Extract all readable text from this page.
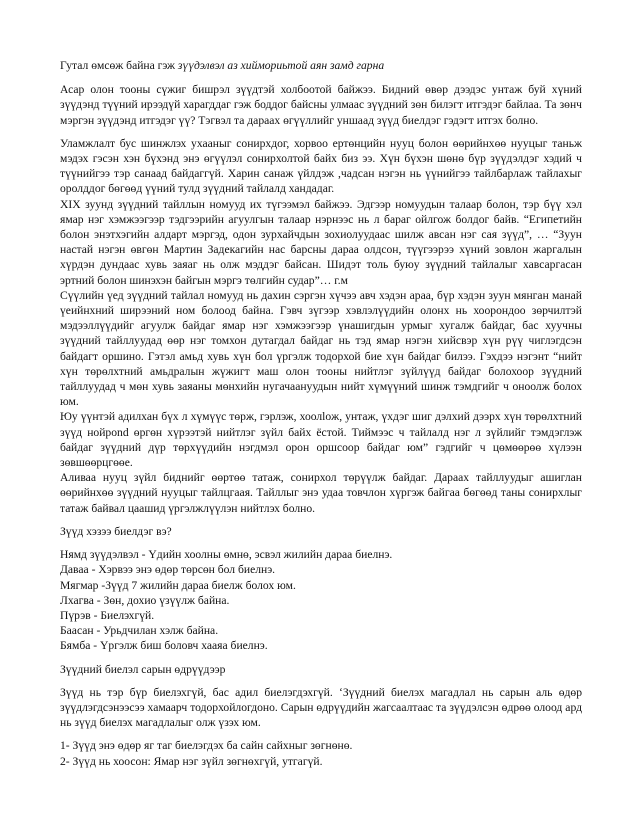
Гутал өмсөж байна гэж зүүдэлвэл аз хиймориьтой аян замд гарна

Асар олон тооны сүжиг бишрэл зүүдтэй холбоотой байжээ. Бидний өвөр дээдэс унтаж буй хүний зүүдэнд түүний ирээдүй харагддаг гэж боддог байсны улмаас зүүдний зөн билэгт итгэдэг байлаа. Та зөнч мэргэн зүүдэнд итгэдэг үү? Тэгвэл та дараах өгүүллийг уншаад зүүд биелдэг гэдэгт итгэх болно.

Уламжлалт бус шинжлэх ухааныг сонирхдог, хорвоо ертөнцийн нууц болон өөрийнхөө нууцыг таньж мэдэх гэсэн хэн бүхэнд энэ өгүүлэл сонирхолтой байх биз ээ. Хүн бүхэн шөнө бүр зүүдэлдэг хэдий ч түүнийгээ тэр санаад байдаггүй. Харин санаж үйлдэж ,чадсан нэгэн нь үүнийгээ тайлбарлаж тайлахыг оролддог бөгөөд үүний тулд зүүдний тайлалд хандадаг.

XIX зуунд зүүдний тайллын номууд их түгээмэл байжээ. Эдгээр номуудын талаар болон, тэр бүү хэл ямар нэг хэмжээгээр тэдгээрийн агуулгын талаар нэрнээс нь л бараг ойлгож болдог байв. “Египетийн болон энэтхэгийн алдарт мэргэд, одон зурхайчдын зохиолуудаас шилж авсан нэг сая зүүд”, … “Зуун настай нэгэн өвгөн Мартин Задекагийн нас барсны дараа олдсон, түүгээрээ хүний зовлон жаргалын хүрдэн дундаас хувь заяаг нь олж мэддэг байсан. Шидэт толь буюу зүүдний тайлалыг хавсаргасан эртний болон шинэхэн байгын мэргэ төлгийн судар”… г.м

Сүүлийн үед зүүдний тайлал номууд нь дахин сэргэн хүчээ авч хэдэн араа, бүр хэдэн зуун мянган манай үеийнхний ширээний ном болоод байна. Гэвч зүгээр хэвлэлүүдийн олонх нь хоорондоо зөрчилтэй мэдээллүүдийг агуулж байдаг ямар нэг хэмжээгээр үнашигдын урмыг хугалж байдаг, бас хуучны зүүдний тайллуудад өөр нэг томхон дутагдал байдаг нь тэд ямар нэгэн хийсвэр хүн рүү чиглэгдсэн байдагт оршино. Гэтэл амьд хувь хүн бол үргэлж тодорхой бие хүн байдаг билээ. Гэхдээ нэгэнт “нийт хүн төрөлхтний амьдралын жүжигт маш олон тооны нийтлэг зүйлүүд байдаг болохоор зүүдний тайллуудад ч мөн хувь заяаны мөнхийн нугачаануудын нийт хүмүүний шинж тэмдгийг ч оноолж болох юм.

Юу үүнтэй адилхан бүх л хүмүүс төрж, гэрлэж, хоолloж, унтаж, үхдэг шиг дэлхий дээрх хүн төрөлхтний зүүд нойрond өргөн хүрээтэй нийтлэг зүйл байх ёстой. Тиймээс ч тайлалд нэг л зүйлийг тэмдэглэж байдаг зүүдний дүр төрхүүдийн нэгдмэл орон оршсоор байдаг юм” гэдгийг ч цөмөөрөө хүлээн зөвшөөрцгөөе.

Аливаа нууц зүйл биднийг өөртөө татаж, сонирхол төрүүлж байдаг. Дараах тайллуудыг ашиглан өөрийнхөө зүүдний нууцыг тайлцгаая. Тайллыг энэ удаа товчлон хүргэж байгаа бөгөөд таны сонирхлыг татаж байвал цаашид үргэлжлүүлэн нийтлэх болно.

Зүүд хэзээ биелдэг вэ?

Нямд зүүдэлвэл - Үдийн хоолны өмнө, эсвэл жилийн дараа биелнэ.
Даваа - Хэрвээ энэ өдөр төрсөн бол биелнэ.
Мягмар -Зүүд 7 жилийн дараа биелж болох юм.
Лхагва - Зөн, дохио үзүүлж байна.
Пүрэв - Биелэхгүй.
Баасан - Урьдчилан хэлж байна.
Бямба - Үргэлж биш боловч хааяа биелнэ.

Зүүдний биелэл сарын өдрүүдээр

Зүүд нь тэр бүр биелэхгүй, бас адил биелэгдэхгүй. ‘Зүүдний биелэх магадлал нь сарын аль өдөр зүүдлэгдсэнээсээ хамаарч тодорхойлогдоно. Сарын өдрүүдийн жагсаалтаас та зүүдэлсэн өдрөө олоод ард нь зүүд биелэх магадлалыг олж үзэх юм.

1- Зүүд энэ өдөр яг таг биелэгдэх ба сайн сайхныг зөгнөнө.
2- Зүүд нь хоосон: Ямар нэг зүйл зөгнөхгүй, утгагүй.
